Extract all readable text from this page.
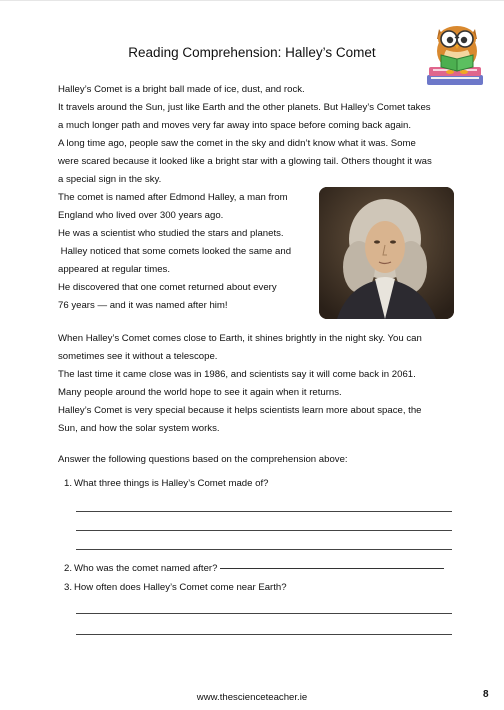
Reading Comprehension: Halley’s Comet
Halley’s Comet is a bright ball made of ice, dust, and rock.
It travels around the Sun, just like Earth and the other planets. But Halley’s Comet takes
a much longer path and moves very far away into space before coming back again.
A long time ago, people saw the comet in the sky and didn’t know what it was. Some
were scared because it looked like a bright star with a glowing tail. Others thought it was
a special sign in the sky.
The comet is named after Edmond Halley, a man from
England who lived over 300 years ago.
He was a scientist who studied the stars and planets.
Halley noticed that some comets looked the same and
appeared at regular times.
He discovered that one comet returned about every
76 years — and it was named after him!
When Halley’s Comet comes close to Earth, it shines brightly in the night sky. You can
sometimes see it without a telescope.
The last time it came close was in 1986, and scientists say it will come back in 2061.
Many people around the world hope to see it again when it returns.
Halley’s Comet is very special because it helps scientists learn more about space, the
Sun, and how the solar system works.
Answer the following questions based on the comprehension above:
1. What three things is Halley’s Comet made of?
2. Who was the comet named after?
3. How often does Halley’s Comet come near Earth?
www.thescienceteacher.ie	8
